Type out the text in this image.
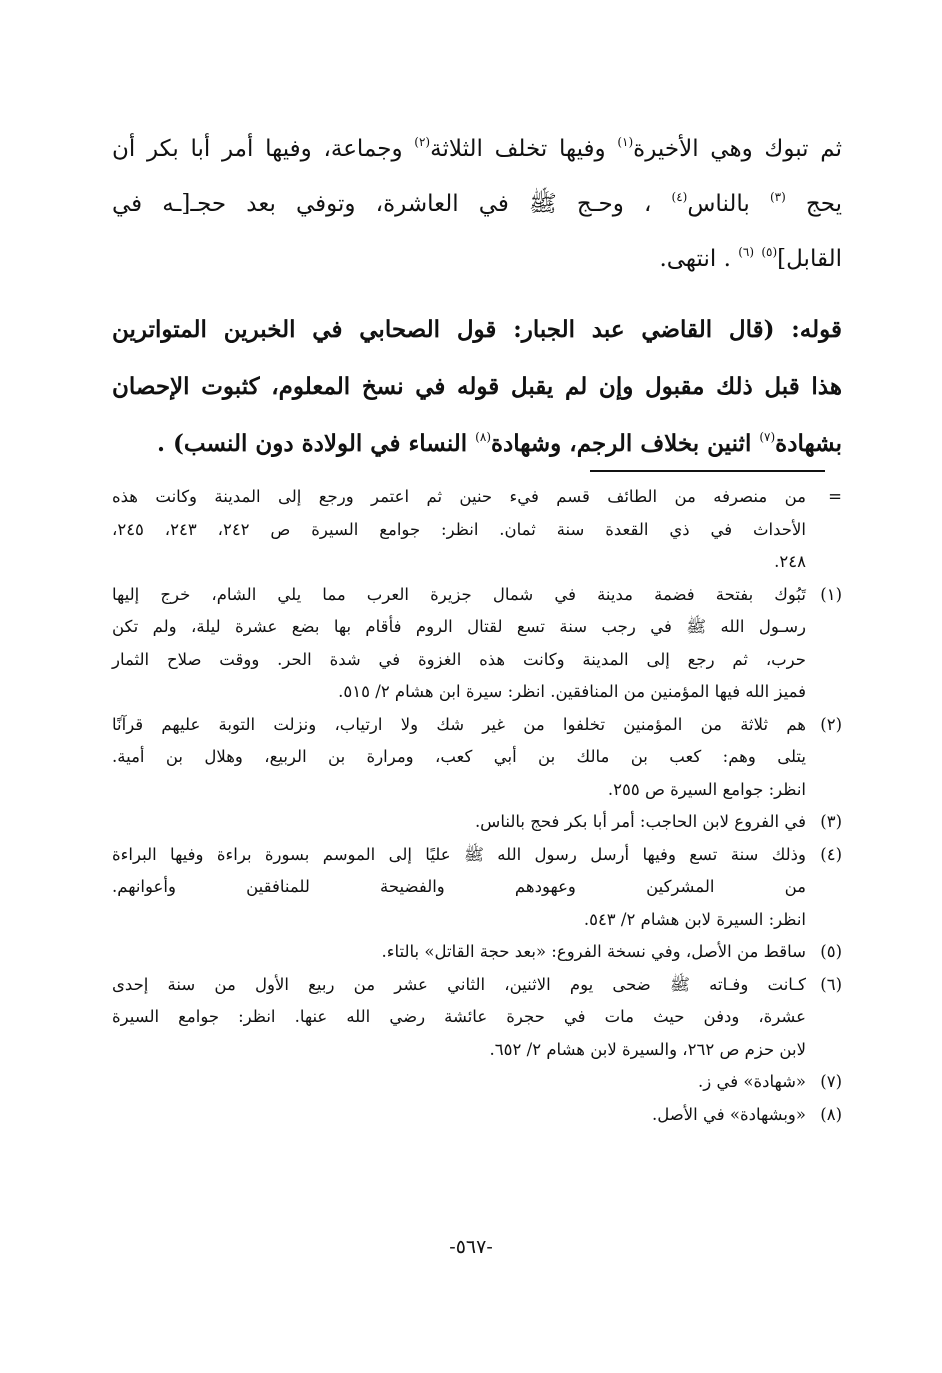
ثم تبوك وهي الأخيرة$^{(١)}$ وفيها تخلف الثلاثة$^{(٢)}$ وجماعة، وفيها أمر أبا بكر أن
يحج $^{(٣)}$ بالناس$^{(٤)}$ ، وحـج ﷺ في العاشرة، وتوفي بعد حجـ[ـه في
القابل]$^{(٥)}$ $^{(٦)}$ . انتهى.
قوله: (قال القاضي عبد الجبار: قول الصحابي في الخبرين المتواترين
هذا قبل ذلك مقبول وإن لم يقبل قوله في نسخ المعلوم، كثبوت الإحصان
بشهادة$^{(٧)}$ اثنين بخلاف الرجم، وشهادة$^{(٨)}$ النساء في الولادة دون النسب) .
=
من منصرفه من الطائف قسم فيء حنين ثم اعتمر ورجع إلى المدينة وكانت هذه
الأحداث في ذي القعدة سنة ثمان. انظر: جوامع السيرة ص ٢٤٢، ٢٤٣، ٢٤٥،
٢٤٨.
(١)
تَبُوك بفتحة فضمة مدينة في شمال جزيرة العرب مما يلي الشام، خرج إليها
رسـول الله ﷺ في رجب سنة تسع لقتال الروم فأقام بها بضع عشرة ليلة، ولم تكن
حرب، ثم رجع إلى المدينة وكانت هذه الغزوة في شدة الحر. ووقت صلاح الثمار
فميز الله فيها المؤمنين من المنافقين. انظر: سيرة ابن هشام ٢/ ٥١٥.
(٢)
هم ثلاثة من المؤمنين تخلفوا من غير شك ولا ارتياب، ونزلت التوبة عليهم قرآنًا
يتلى وهم: كعب بن مالك بن أبي كعب، ومرارة بن الربيع، وهلال بن أمية.
انظر: جوامع السيرة ص ٢٥٥.
(٣)
في الفروع لابن الحاجب: أمر أبا بكر فحج بالناس.
(٤)
وذلك سنة تسع وفيها أرسل رسول الله ﷺ عليًا إلى الموسم بسورة براءة وفيها البراءة
من المشركين وعهودهم والفضيحة للمنافقين وأعوانهم.
انظر: السيرة لابن هشام ٢/ ٥٤٣.
(٥)
ساقط من الأصل، وفي نسخة الفروع: «بعد حجة القاتل» بالتاء.
(٦)
كـانت وفـاته ﷺ ضحى يوم الاثنين، الثاني عشر من ربيع الأول من سنة إحدى
عشرة، ودفن حيث مات في حجرة عائشة رضي الله عنها. انظر: جوامع السيرة
لابن حزم ص ٢٦٢، والسيرة لابن هشام ٢/ ٦٥٢.
(٧)
«شهادة» في ز.
(٨)
«وبشهادة» في الأصل.
-٥٦٧-
